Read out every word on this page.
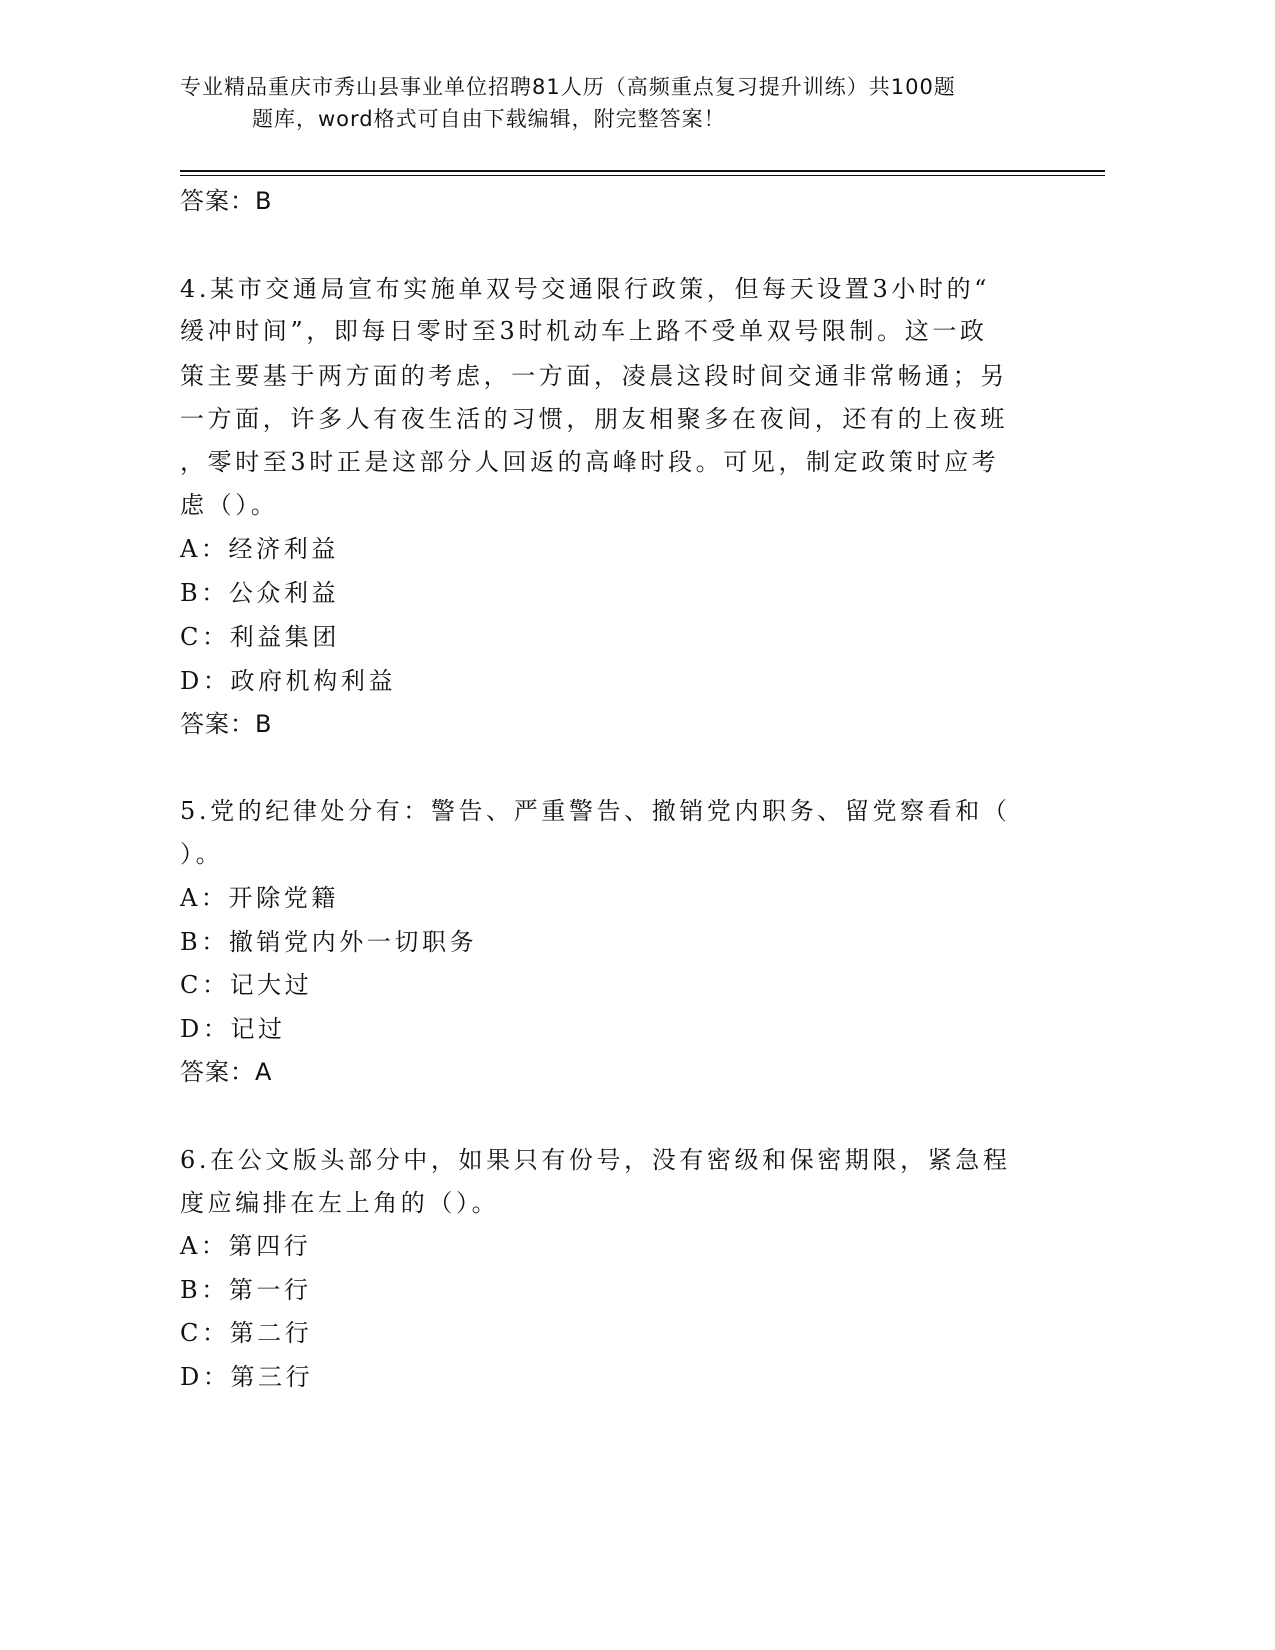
专业精品重庆市秀山县事业单位招聘81人历（高频重点复习提升训练）共100题
题库，word格式可自由下载编辑，附完整答案！
答案：B
4.某市交通局宣布实施单双号交通限行政策，但每天设置3小时的“
缓冲时间”，即每日零时至3时机动车上路不受单双号限制。这一政
策主要基于两方面的考虑，一方面，凌晨这段时间交通非常畅通；另
一方面，许多人有夜生活的习惯，朋友相聚多在夜间，还有的上夜班
，零时至3时正是这部分人回返的高峰时段。可见，制定政策时应考
虑（）。
A：经济利益
B：公众利益
C：利益集团
D：政府机构利益
答案：B
5.党的纪律处分有：警告、严重警告、撤销党内职务、留党察看和（
）。
A：开除党籍
B：撤销党内外一切职务
C：记大过
D：记过
答案：A
6.在公文版头部分中，如果只有份号，没有密级和保密期限，紧急程
度应编排在左上角的（）。
A：第四行
B：第一行
C：第二行
D：第三行
